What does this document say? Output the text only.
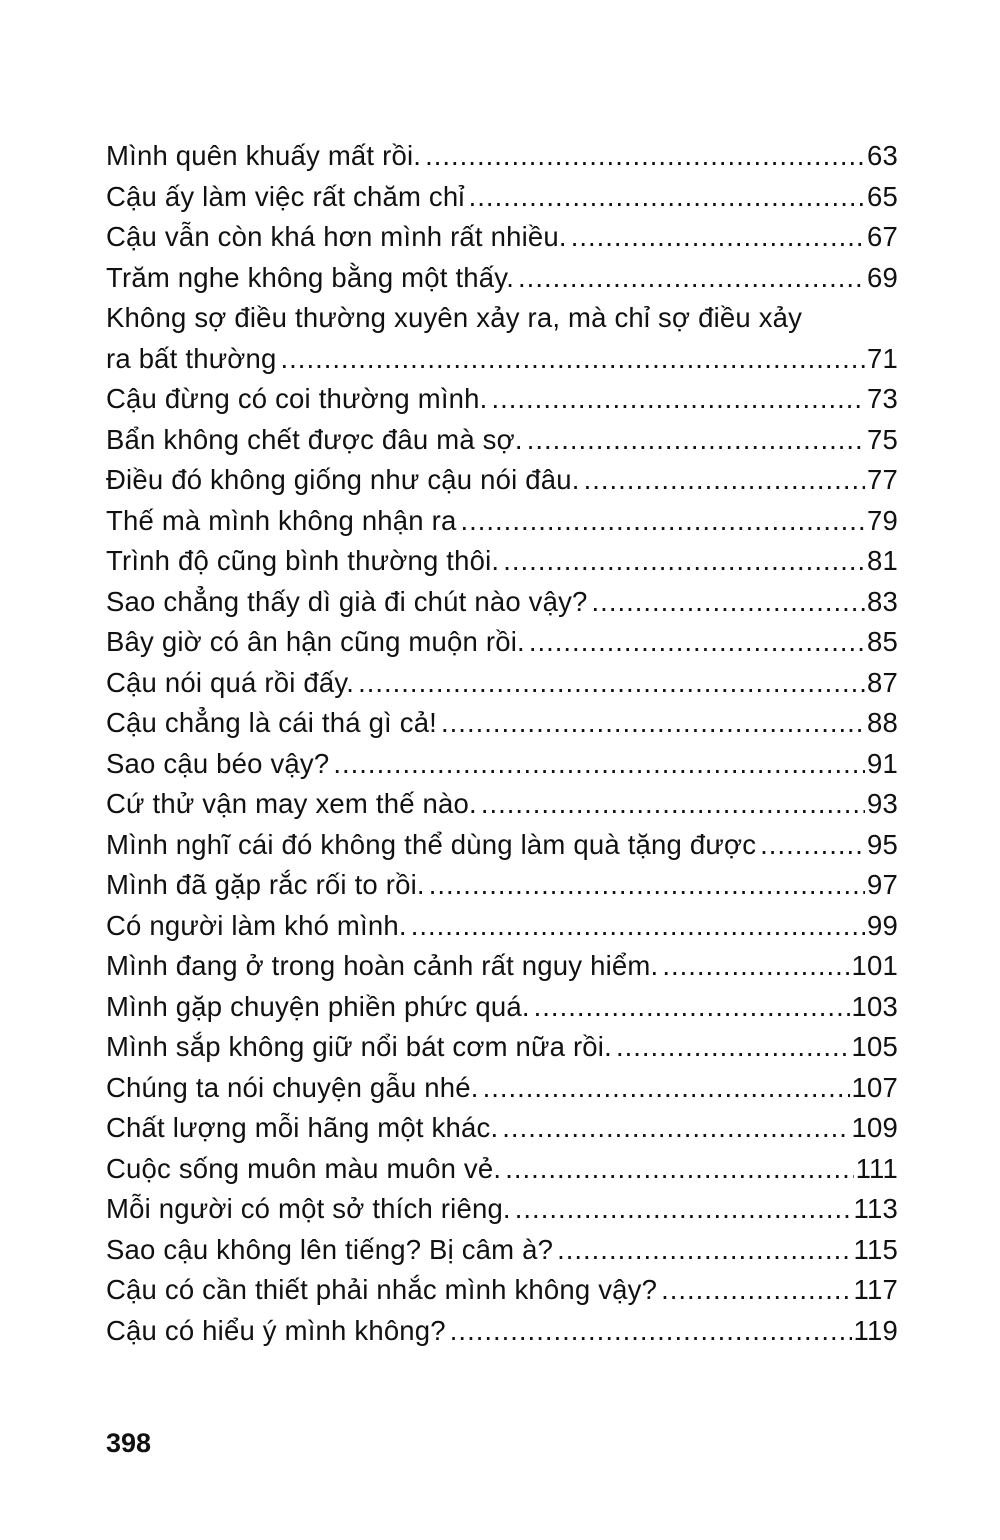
Mình quên khuấy mất rồi. .....	63
Cậu ấy làm việc rất chăm chỉ .....	65
Cậu vẫn còn khá hơn mình rất nhiều. .....	67
Trăm nghe không bằng một thấy. .....	69
Không sợ điều thường xuyên xảy ra, mà chỉ sợ điều xảy
ra bất thường .....	71
Cậu đừng có coi thường mình. .....	73
Bẩn không chết được đâu mà sợ. .....	75
Điều đó không giống như cậu nói đâu. .....	77
Thế mà mình không nhận ra .....	79
Trình độ cũng bình thường thôi. .....	81
Sao chẳng thấy dì già đi chút nào vậy? .....	83
Bây giờ có ân hận cũng muộn rồi. .....	85
Cậu nói quá rồi đấy. .....	87
Cậu chẳng là cái thá gì cả! .....	88
Sao cậu béo vậy? .....	91
Cứ thử vận may xem thế nào. .....	93
Mình nghĩ cái đó không thể dùng làm quà tặng được .....	95
Mình đã gặp rắc rối to rồi. .....	97
Có người làm khó mình. .....	99
Mình đang ở trong hoàn cảnh rất nguy hiểm. .....	101
Mình gặp chuyện phiền phức quá. .....	103
Mình sắp không giữ nổi bát cơm nữa rồi. .....	105
Chúng ta nói chuyện gẫu nhé. .....	107
Chất lượng mỗi hãng một khác. .....	109
Cuộc sống muôn màu muôn vẻ. .....	111
Mỗi người có một sở thích riêng. .....	113
Sao cậu không lên tiếng? Bị câm à? .....	115
Cậu có cần thiết phải nhắc mình không vậy? .....	117
Cậu có hiểu ý mình không? .....	119
398
